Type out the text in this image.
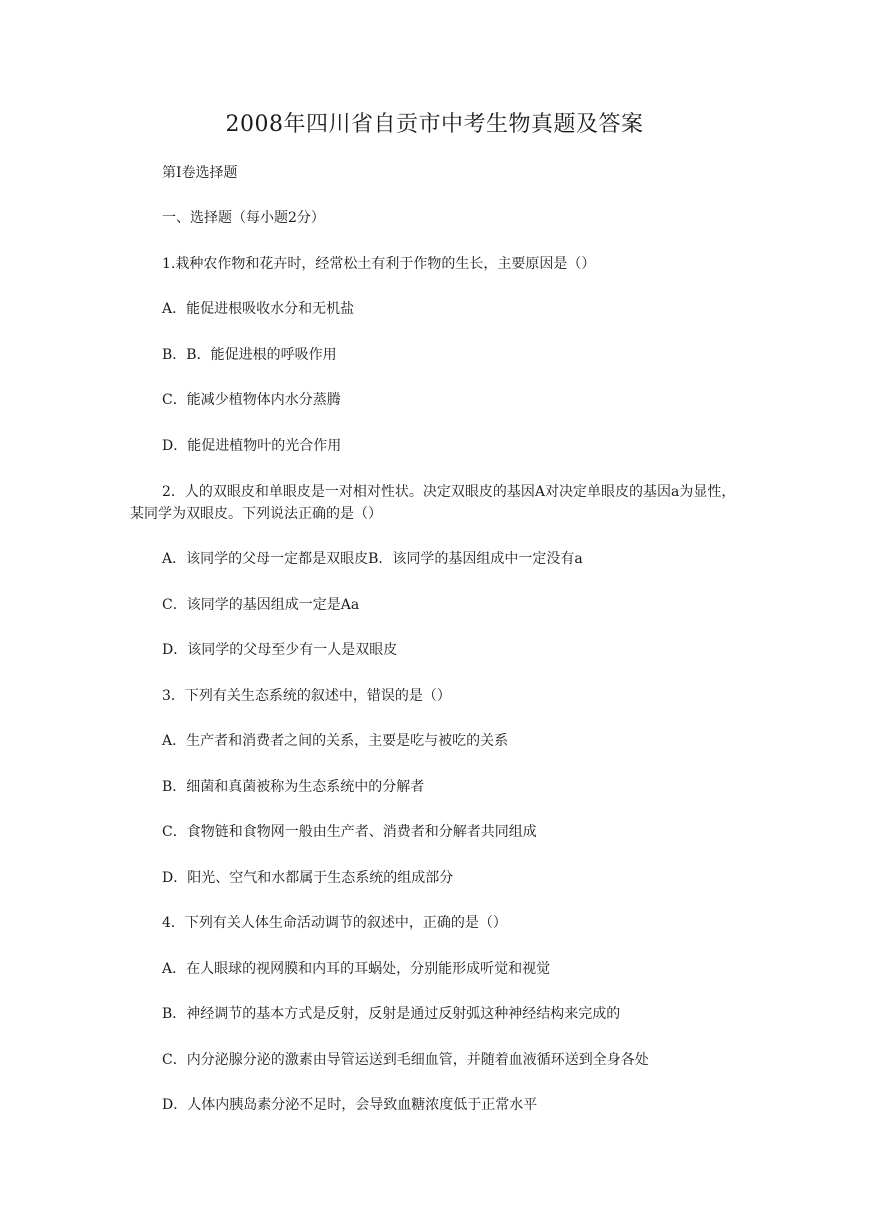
2008年四川省自贡市中考生物真题及答案

第Ⅰ卷选择题

一、选择题（每小题2分）

1.栽种农作物和花卉时，经常松土有利于作物的生长，主要原因是（）

A．能促进根吸收水分和无机盐

B．B．能促进根的呼吸作用

C．能减少植物体内水分蒸腾

D．能促进植物叶的光合作用

2．人的双眼皮和单眼皮是一对相对性状。决定双眼皮的基因A对决定单眼皮的基因a为显性，某同学为双眼皮。下列说法正确的是（）

A．该同学的父母一定都是双眼皮B．该同学的基因组成中一定没有a

C．该同学的基因组成一定是Aa

D．该同学的父母至少有一人是双眼皮

3．下列有关生态系统的叙述中，错误的是（）

A．生产者和消费者之间的关系，主要是吃与被吃的关系

B．细菌和真菌被称为生态系统中的分解者

C．食物链和食物网一般由生产者、消费者和分解者共同组成

D．阳光、空气和水都属于生态系统的组成部分

4．下列有关人体生命活动调节的叙述中，正确的是（）

A．在人眼球的视网膜和内耳的耳蜗处，分别能形成听觉和视觉

B．神经调节的基本方式是反射，反射是通过反射弧这种神经结构来完成的

C．内分泌腺分泌的激素由导管运送到毛细血管，并随着血液循环送到全身各处

D．人体内胰岛素分泌不足时，会导致血糖浓度低于正常水平
